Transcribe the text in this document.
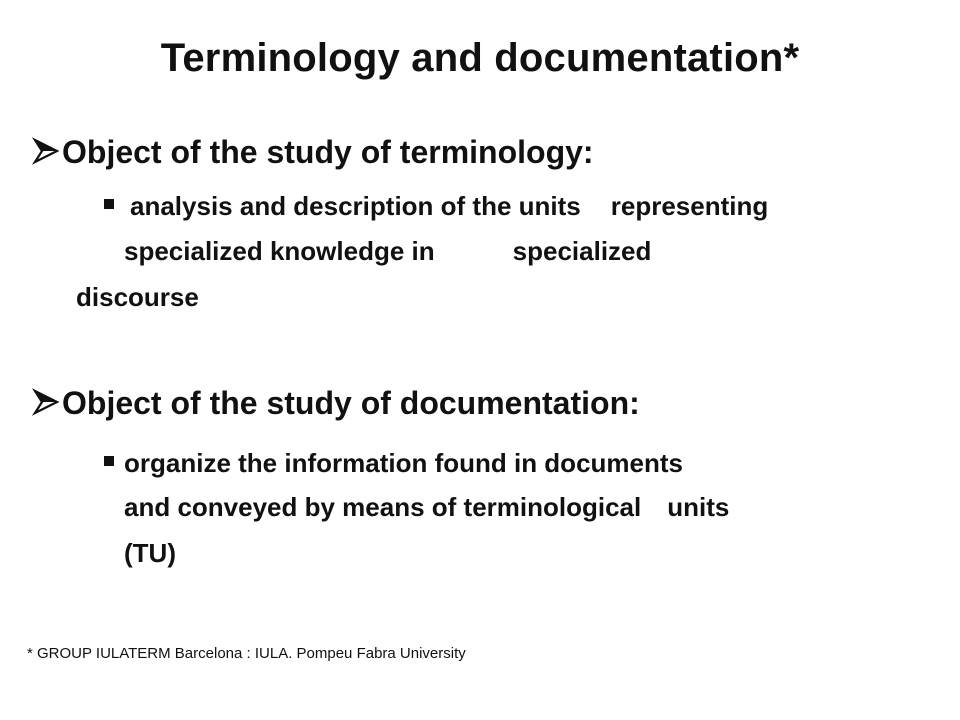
Terminology and documentation*
Object of the study of terminology:
analysis and description of the units representing
specialized knowledge in	specialized
discourse
Object of the study of documentation:
organize the information found in documents
and conveyed by means of terminological units
(TU)
* GROUP IULATERM Barcelona : IULA. Pompeu Fabra University
